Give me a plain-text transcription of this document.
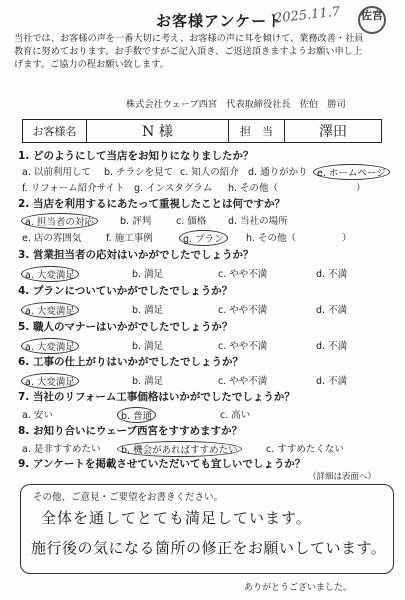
お客様アンケート
2025.11.7 佐宮
当社では、お客様の声を一番大切に考え、お客様の声に耳を傾けて、業務改善・社員教育に努めております。お手数ですがご記入頂き、ご返送頂きますようお願い申し上げます。ご協力の程お願い致します。
株式会社ウェーブ西宮　代表取締役社長　佐伯　勝司
お客様名	N 様	担　当	澤田
1. どのようにして当店をお知りになりましたか？
a. 以前利用して b. チラシを見て c. 知人の紹介 d. 通りがかり e. ホームページ
f. リフォーム紹介サイト g. インスタグラム h. その他（	）
2. 当店を利用するにあたって重視したことは何ですか？
a. 担当者の対応	b. 評判	c. 価格 d. 当社の場所
e. 店の雰囲気	f. 施工事例	g. プラン	h. その他（	）
3. 営業担当者の応対はいかがでしたでしょうか？
a. 大変満足	b. 満足	c. やや不満	d. 不満
4. プランについていかがでしたでしょうか？
a. 大変満足	b. 満足	c. やや不満	d. 不満
5. 職人のマナーはいかがでしたでしょうか？
a. 大変満足	b. 満足	c. やや不満	d. 不満
6. 工事の仕上がりはいかがでしたでしょうか？
a. 大変満足	b. 満足	c. やや不満	d. 不満
7. 当社のリフォーム工事価格はいかがでしたでしょうか？
a. 安い	b. 普通	c. 高い
8. お知り合いにウェーブ西宮をすすめますか？
a. 是非すすめたい	b. 機会があればすすめたい	c. すすめたくない
9. アンケートを掲載させていただいても宜しいでしょうか？
（詳細は表面へ）
その他、ご意見・ご要望をお書きください。
全体を通してとても満足しています。
施行後の気になる箇所の修正をお願いしています。
ありがとうございました。
